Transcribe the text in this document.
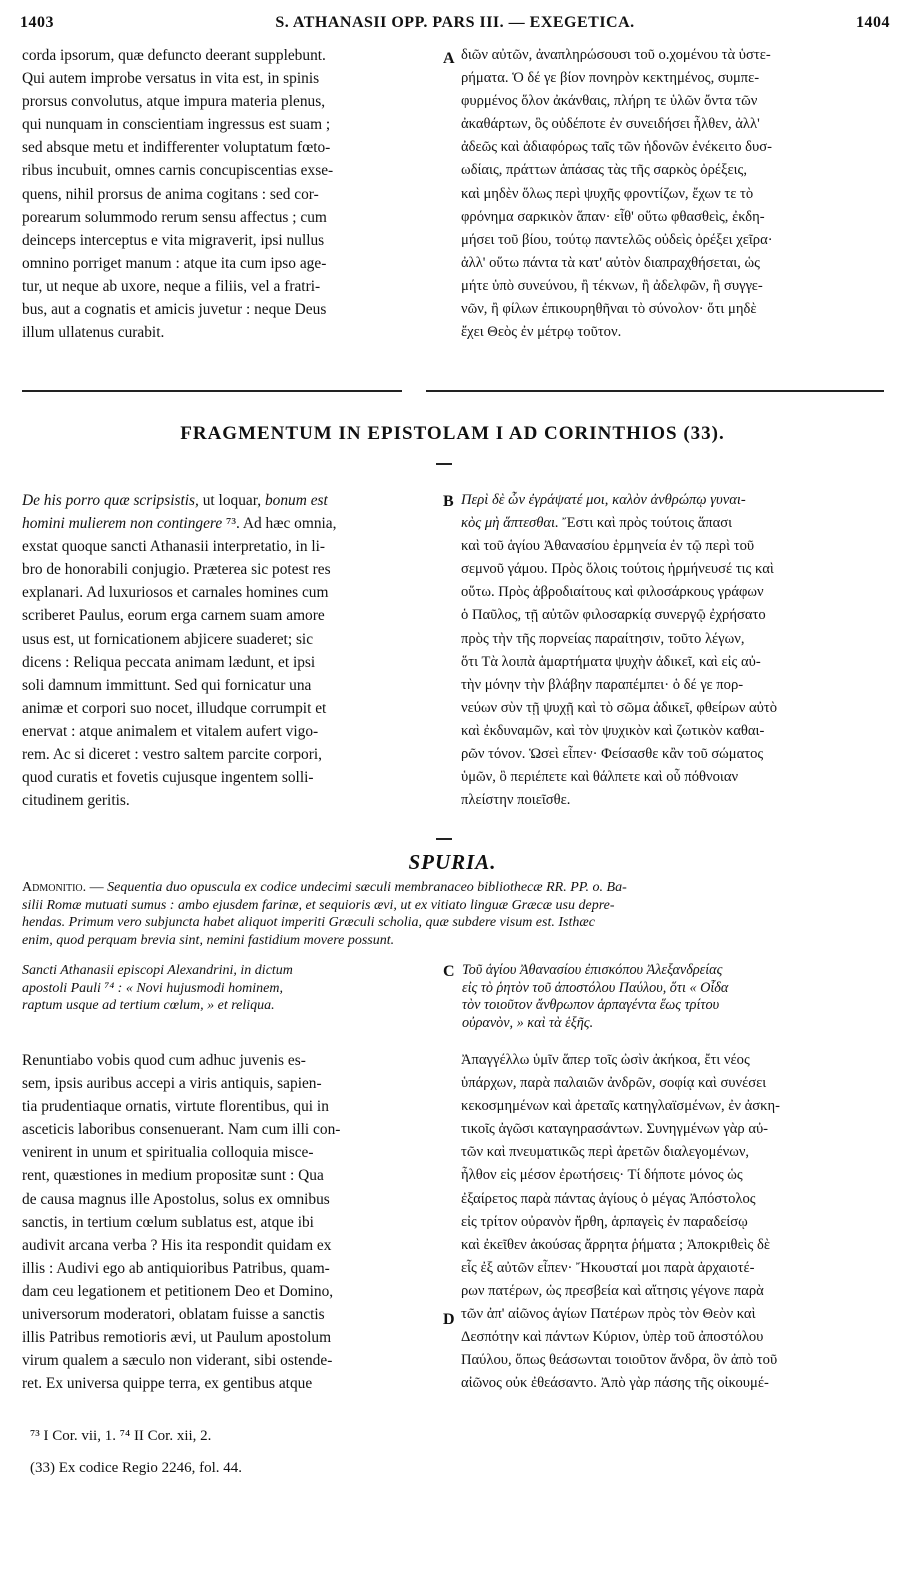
1403	S. ATHANASII OPP. PARS III. — EXEGETICA.	1404
corda ipsorum, quæ defuncto deerant supplebunt.
Qui autem improbe versatus in vita est, in spinis
prorsus convolutus, atque impura materia plenus,
qui nunquam in conscientiam ingressus est suam ;
sed absque metu et indifferenter voluptatum fœto-
ribus incubuit, omnes carnis concupiscentias exse-
quens, nihil prorsus de anima cogitans : sed cor-
porearum solummodo rerum sensu affectus ; cum
deinceps interceptus e vita migraverit, ipsi nullus
omnino porriget manum : atque ita cum ipso age-
tur, ut neque ab uxore, neque a filiis, vel a fratri-
bus, aut a cognatis et amicis juvetur : neque Deus
illum ullatenus curabit.
A διῶν αὐτῶν, ἀναπληρώσουσι τοῦ ο.χομένου τὰ ὑστε-
ρήματα. Ὁ δέ γε βίον πονηρὸν κεκτημένος, συμπε-
φυρμένος ὅλον ἀκάνθαις, πλήρη τε ὑλῶν ὄντα τῶν
ἀκαθάρτων, ὃς οὐδέποτε ἐν συνειδήσει ἦλθεν, ἀλλ'
ἀδεῶς καὶ ἀδιαφόρως ταῖς τῶν ἡδονῶν ἐνέκειτο δυσ-
ωδίαις, πράττων ἁπάσας τὰς τῆς σαρκὸς ὀρέξεις,
καὶ μηδὲν ὅλως περὶ ψυχῆς φροντίζων, ἔχων τε τὸ
φρόνημα σαρκικὸν ἅπαν· εἶθ' οὕτω φθασθεὶς, ἐκδη-
μήσει τοῦ βίου, τούτῳ παντελῶς οὐδεὶς ὀρέξει χεῖρα·
ἀλλ' οὕτω πάντα τὰ κατ' αὐτὸν διαπραχθήσεται, ὡς
μήτε ὑπὸ συνεύνου, ἢ τέκνων, ἢ ἀδελφῶν, ἢ συγγε-
νῶν, ἢ φίλων ἐπικουρηθῆναι τὸ σύνολον· ὅτι μηδὲ
ἔχει Θεὸς ἐν μέτρῳ τοῦτον.
FRAGMENTUM IN EPISTOLAM I AD CORINTHIOS (33).
De his porro quæ scripsistis, ut loquar, bonum est
homini mulierem non contingere ⁷³. Ad hæc omnia,
exstat quoque sancti Athanasii interpretatio, in li-
bro de honorabili conjugio. Præterea sic potest res
explanari. Ad luxuriosos et carnales homines cum
scriberet Paulus, eorum erga carnem suam amore
usus est, ut fornicationem abjicere suaderet; sic
dicens : Reliqua peccata animam lædunt, et ipsi
soli damnum immittunt. Sed qui fornicatur una
animæ et corpori suo nocet, illudque corrumpit et
enervat : atque animalem et vitalem aufert vigo-
rem. Ac si diceret : vestro saltem parcite corpori,
quod curatis et fovetis cujusque ingentem solli-
citudinem geritis.
B Περὶ δὲ ὧν ἐγράψατέ μοι, καλὸν ἀνθρώπῳ γυναι-
κὸς μὴ ἅπτεσθαι. Ἔστι καὶ πρὸς τούτοις ἅπασι
καὶ τοῦ ἁγίου Ἀθανασίου ἑρμηνεία ἐν τῷ περὶ τοῦ
σεμνοῦ γάμου. Πρὸς ὅλοις τούτοις ἡρμήνευσέ τις καὶ
οὕτω. Πρὸς ἀβροδιαίτους καὶ φιλοσάρκους γράφων
ὁ Παῦλος, τῇ αὐτῶν φιλοσαρκίᾳ συνεργῷ ἐχρήσατο
πρὸς τὴν τῆς πορνείας παραίτησιν, τοῦτο λέγων,
ὅτι Τὰ λοιπὰ ἁμαρτήματα ψυχὴν ἀδικεῖ, καὶ εἰς αὐ-
τὴν μόνην τὴν βλάβην παραπέμπει· ὁ δέ γε πορ-
νεύων σὺν τῇ ψυχῇ καὶ τὸ σῶμα ἀδικεῖ, φθείρων αὐτὸ
καὶ ἐκδυναμῶν, καὶ τὸν ψυχικὸν καὶ ζωτικὸν καθαι-
ρῶν τόνον. Ὡσεὶ εἶπεν· Φείσασθε κἂν τοῦ σώματος
ὑμῶν, ὃ περιέπετε καὶ θάλπετε καὶ οὗ πόθνοιαν
πλείστην ποιεῖσθε.
SPURIA.
Admonitio. — Sequentia duo opuscula ex codice undecimi sæculi membranaceo bibliothecæ RR. PP. o. Ba-
silii Romæ mutuati sumus : ambo ejusdem farinæ, et sequioris ævi, ut ex vitiato linguæ Græcæ usu depre-
hendas. Primum vero subjuncta habet aliquot imperiti Græculi scholia, quæ subdere visum est. Isthæc
enim, quod perquam brevia sint, nemini fastidium movere possunt.
Sancti Athanasii episcopi Alexandrini, in dictum
apostoli Pauli ⁷⁴ : « Novi hujusmodi hominem,
raptum usque ad tertium cœlum, » et reliqua.
C Τοῦ ἁγίου Ἀθανασίου ἐπισκόπου Ἀλεξανδρείας
εἰς τὸ ῥητὸν τοῦ ἀποστόλου Παύλου, ὅτι « Οἶδα
τὸν τοιοῦτον ἄνθρωπον ἁρπαγέντα ἕως τρίτου
οὐρανὸν, » καὶ τὰ ἑξῆς.
Renuntiabo vobis quod cum adhuc juvenis es-
sem, ipsis auribus accepi a viris antiquis, sapien-
tia prudentiaque ornatis, virtute florentibus, qui in
asceticis laboribus consenuerant. Nam cum illi con-
venirent in unum et spiritualia colloquia misce-
rent, quæstiones in medium propositæ sunt : Qua
de causa magnus ille Apostolus, solus ex omnibus
sanctis, in tertium cœlum sublatus est, atque ibi
audivit arcana verba ? His ita respondit quidam ex
illis : Audivi ego ab antiquioribus Patribus, quam-
dam ceu legationem et petitionem Deo et Domino,
universorum moderatori, oblatam fuisse a sanctis
illis Patribus remotioris ævi, ut Paulum apostolum
virum qualem a sæculo non viderant, sibi ostende-
ret. Ex universa quippe terra, ex gentibus atque
D
Ἀπαγγέλλω ὑμῖν ἅπερ τοῖς ὠσὶν ἀκήκοα, ἔτι νέος
ὑπάρχων, παρὰ παλαιῶν ἀνδρῶν, σοφίᾳ καὶ συνέσει
κεκοσμημένων καὶ ἀρεταῖς κατηγλαϊσμένων, ἐν ἀσκη-
τικοῖς ἀγῶσι καταγηρασάντων. Συνηγμένων γὰρ αὐ-
τῶν καὶ πνευματικῶς περὶ ἀρετῶν διαλεγομένων,
ἦλθον εἰς μέσον ἐρωτήσεις· Τί δήποτε μόνος ὡς
ἐξαίρετος παρὰ πάντας ἁγίους ὁ μέγας Ἀπόστολος
εἰς τρίτον οὐρανὸν ἤρθη, ἁρπαγεὶς ἐν παραδείσῳ
καὶ ἐκεῖθεν ἀκούσας ἄρρητα ῥήματα ; Ἀποκριθεὶς δὲ
εἷς ἐξ αὐτῶν εἶπεν· Ἤκουσταί μοι παρὰ ἀρχαιοτέ-
ρων πατέρων, ὡς πρεσβεία καὶ αἴτησις γέγονε παρὰ
τῶν ἀπ' αἰῶνος ἁγίων Πατέρων πρὸς τὸν Θεὸν καὶ
Δεσπότην καὶ πάντων Κύριον, ὑπὲρ τοῦ ἀποστόλου
Παύλου, ὅπως θεάσωνται τοιοῦτον ἄνδρα, ὃν ἀπὸ τοῦ
αἰῶνος οὐκ ἐθεάσαντο. Ἀπὸ γὰρ πάσης τῆς οἰκουμέ-
⁷³ I Cor. vii, 1. ⁷⁴ II Cor. xii, 2.
(33) Ex codice Regio 2246, fol. 44.
